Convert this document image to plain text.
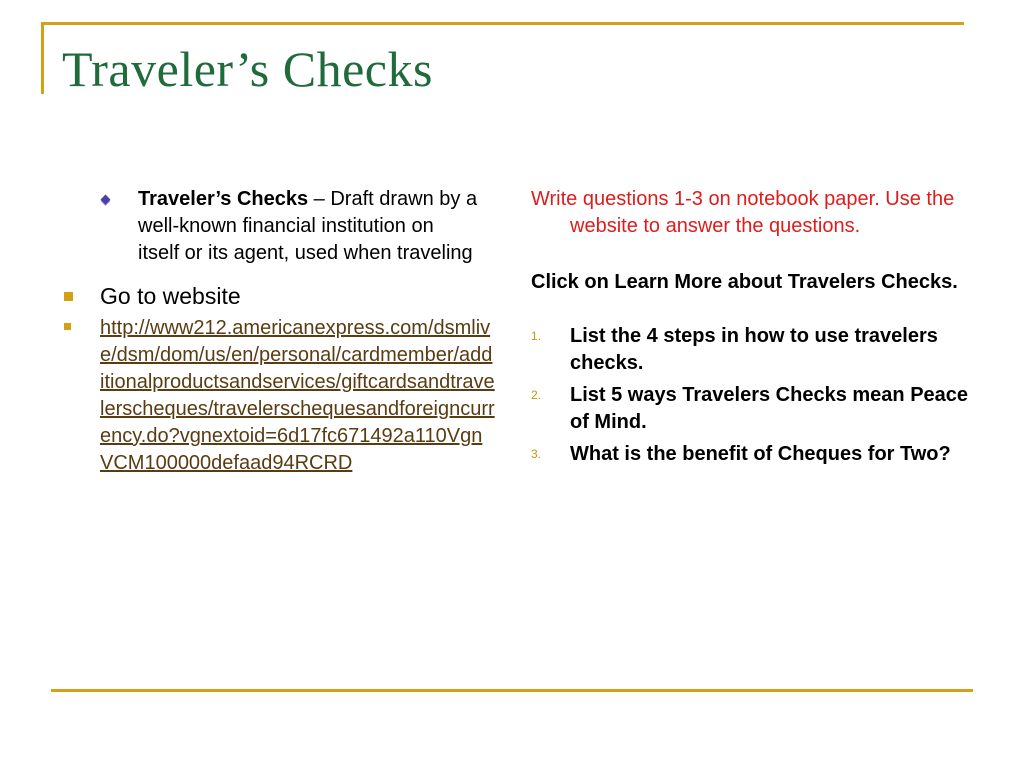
Traveler’s Checks
Traveler’s Checks – Draft drawn by a well-known financial institution on itself or its agent, used when traveling
Go to website
http://www212.americanexpress.com/dsmlive/dsm/dom/us/en/personal/cardmember/additionalproductsandservices/giftcardsandtravelerscheques/travelerschequesandforeigncurrency.do?vgnextoid=6d17fc671492a110VgnVCM100000defaad94RCRD
Write questions 1-3 on notebook paper. Use the website to answer the questions.
Click on Learn More about Travelers Checks.
1. List the 4 steps in how to use travelers checks.
2. List 5 ways Travelers Checks mean Peace of Mind.
3. What is the benefit of Cheques for Two?
